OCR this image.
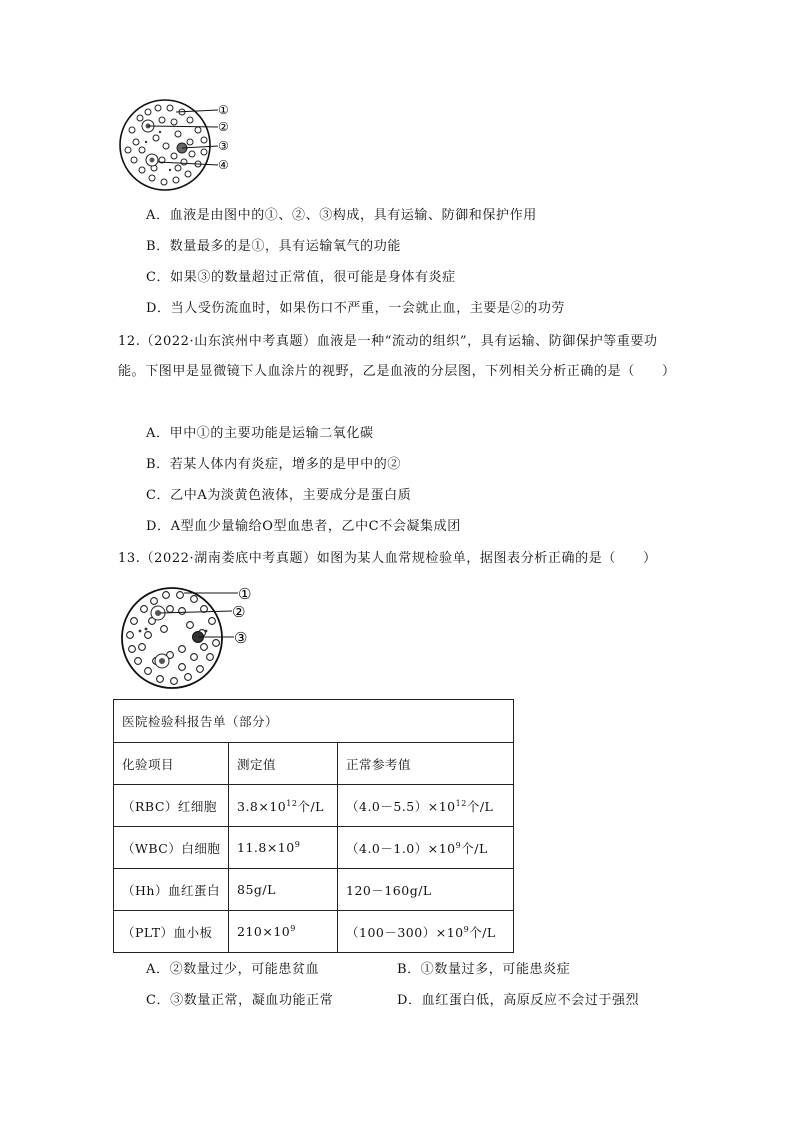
①
②
③
④
A．血液是由图中的①、②、③构成，具有运输、防御和保护作用
B．数量最多的是①，具有运输氧气的功能
C．如果③的数量超过正常值，很可能是身体有炎症
D．当人受伤流血时，如果伤口不严重，一会就止血，主要是②的功劳
12.（2022·山东滨州中考真题）血液是一种“流动的组织”，具有运输、防御保护等重要功
能。下图甲是显微镜下人血涂片的视野，乙是血液的分层图，下列相关分析正确的是（　　）
A．甲中①的主要功能是运输二氧化碳
B．若某人体内有炎症，增多的是甲中的②
C．乙中A为淡黄色液体，主要成分是蛋白质
D．A型血少量输给O型血患者，乙中C不会凝集成团
13.（2022·湖南娄底中考真题）如图为某人血常规检验单，据图表分析正确的是（　　）
①
②
③
医院检验科报告单（部分）		
化验项目	测定值	正常参考值
（RBC）红细胞	$3.8\times 10^{12}$个/L	$(4.0-5.5)\times 10^{12}$个/L
（WBC）白细胞	$11.8\times 10^9$	$(4.0-1.0)\times 10^9$个/L
（Hh）血红蛋白	85g/L	120－160g/L
（PLT）血小板	$210\times 10^9$	$(100-300)\times 10^9$个/L
A．②数量过少，可能患贫血	B．①数量过多，可能患炎症
C．③数量正常，凝血功能正常	D．血红蛋白低，高原反应不会过于强烈
